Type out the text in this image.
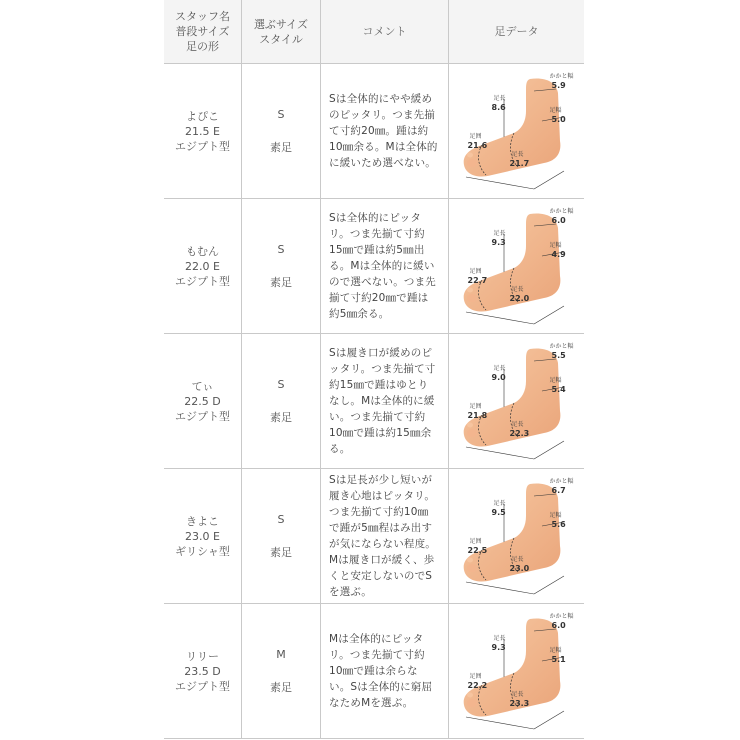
スタッフ名
普段サイズ
足の形
選ぶサイズ
スタイル
コメント	足データ
よぴこ
21.5 E
エジプト型
S
素足
Sは全体的にやや緩め
のピッタリ。つま先揃
て寸約20㎜。踵は約
10㎜余る。Mは全体的
に緩いため選べない。
足長
8.6
かかと幅
5.9
足幅
5.0
足囲
21.6
足長
21.7
もむん
22.0 E
エジプト型
S
素足
Sは全体的にピッタ
リ。つま先揃て寸約
15㎜で踵は約5㎜出
る。Mは全体的に緩い
ので選べない。つま先
揃て寸約20㎜で踵は
約5㎜余る。
足長
9.3
かかと幅
6.0
足幅
4.9
足囲
22.7
足長
22.0
てぃ
22.5 D
エジプト型
S
素足
Sは履き口が緩めのピ
ッタリ。つま先揃て寸
約15㎜で踵はゆとり
なし。Mは全体的に緩
い。つま先揃て寸約
10㎜で踵は約15㎜余
る。
足長
9.0
かかと幅
5.5
足幅
5.4
足囲
21.8
足長
22.3
きよこ
23.0 E
ギリシャ型
S
素足
Sは足長が少し短いが
履き心地はピッタリ。
つま先揃て寸約10㎜
で踵が5㎜程はみ出す
が気にならない程度。
Mは履き口が緩く、歩
くと安定しないのでS
を選ぶ。
足長
9.5
かかと幅
6.7
足幅
5.6
足囲
22.5
足長
23.0
リリー
23.5 D
エジプト型
M
素足
Mは全体的にピッタ
リ。つま先揃て寸約
10㎜で踵は余らな
い。Sは全体的に窮屈
なためMを選ぶ。
足長
9.3
かかと幅
6.0
足幅
5.1
足囲
22.2
足長
23.3
